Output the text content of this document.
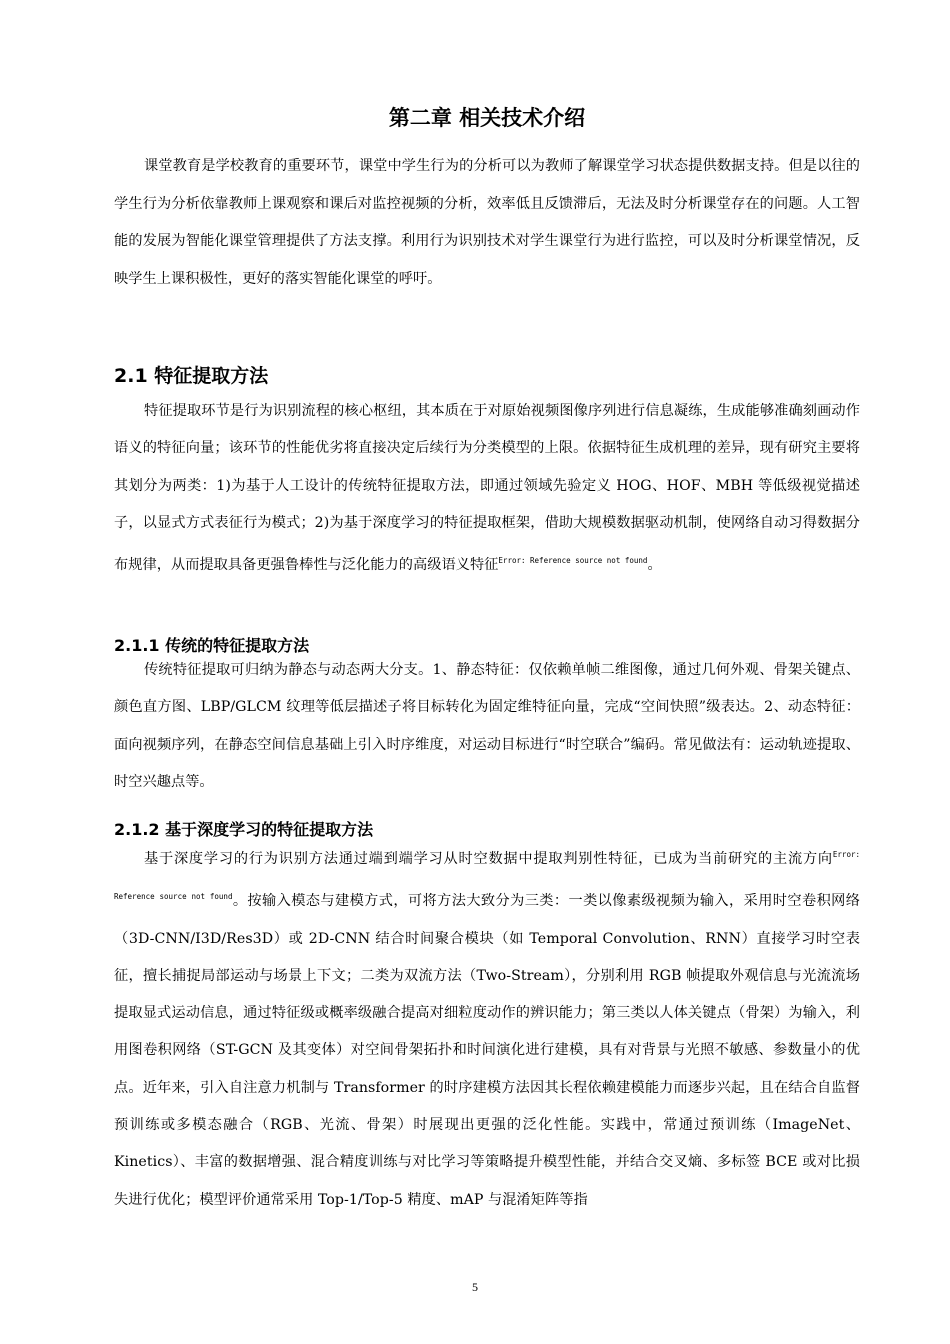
第二章 相关技术介绍

课堂教育是学校教育的重要环节，课堂中学生行为的分析可以为教师了解课堂学习状态提供数据支持。但是以往的学生行为分析依靠教师上课观察和课后对监控视频的分析，效率低且反馈滞后，无法及时分析课堂存在的问题。人工智能的发展为智能化课堂管理提供了方法支撑。利用行为识别技术对学生课堂行为进行监控，可以及时分析课堂情况，反映学生上课积极性，更好的落实智能化课堂的呼吁。

2.1 特征提取方法

特征提取环节是行为识别流程的核心枢纽，其本质在于对原始视频图像序列进行信息凝练，生成能够准确刻画动作语义的特征向量；该环节的性能优劣将直接决定后续行为分类模型的上限。依据特征生成机理的差异，现有研究主要将其划分为两类：1)为基于人工设计的传统特征提取方法，即通过领域先验定义 HOG、HOF、MBH 等低级视觉描述子，以显式方式表征行为模式；2)为基于深度学习的特征提取框架，借助大规模数据驱动机制，使网络自动习得数据分布规律，从而提取具备更强鲁棒性与泛化能力的高级语义特征$^{Error: Reference source not found}$。

2.1.1 传统的特征提取方法

传统特征提取可归纳为静态与动态两大分支。1、静态特征：仅依赖单帧二维图像，通过几何外观、骨架关键点、颜色直方图、LBP/GLCM 纹理等低层描述子将目标转化为固定维特征向量，完成“空间快照”级表达。2、动态特征：面向视频序列，在静态空间信息基础上引入时序维度，对运动目标进行“时空联合”编码。常见做法有：运动轨迹提取、时空兴趣点等。

2.1.2 基于深度学习的特征提取方法

基于深度学习的行为识别方法通过端到端学习从时空数据中提取判别性特征，已成为当前研究的主流方向$^{Error: Reference source not found}$。按输入模态与建模方式，可将方法大致分为三类：一类以像素级视频为输入，采用时空卷积网络（3D-CNN/I3D/Res3D）或 2D-CNN 结合时间聚合模块（如 Temporal Convolution、RNN）直接学习时空表征，擅长捕捉局部运动与场景上下文；二类为双流方法（Two-Stream），分别利用 RGB 帧提取外观信息与光流流场提取显式运动信息，通过特征级或概率级融合提高对细粒度动作的辨识能力；第三类以人体关键点（骨架）为输入，利用图卷积网络（ST-GCN 及其变体）对空间骨架拓扑和时间演化进行建模，具有对背景与光照不敏感、参数量小的优点。近年来，引入自注意力机制与 Transformer 的时序建模方法因其长程依赖建模能力而逐步兴起，且在结合自监督预训练或多模态融合（RGB、光流、骨架）时展现出更强的泛化性能。实践中，常通过预训练（ImageNet、Kinetics）、丰富的数据增强、混合精度训练与对比学习等策略提升模型性能，并结合交叉熵、多标签 BCE 或对比损失进行优化；模型评价通常采用 Top-1/Top-5 精度、mAP 与混淆矩阵等指

5
